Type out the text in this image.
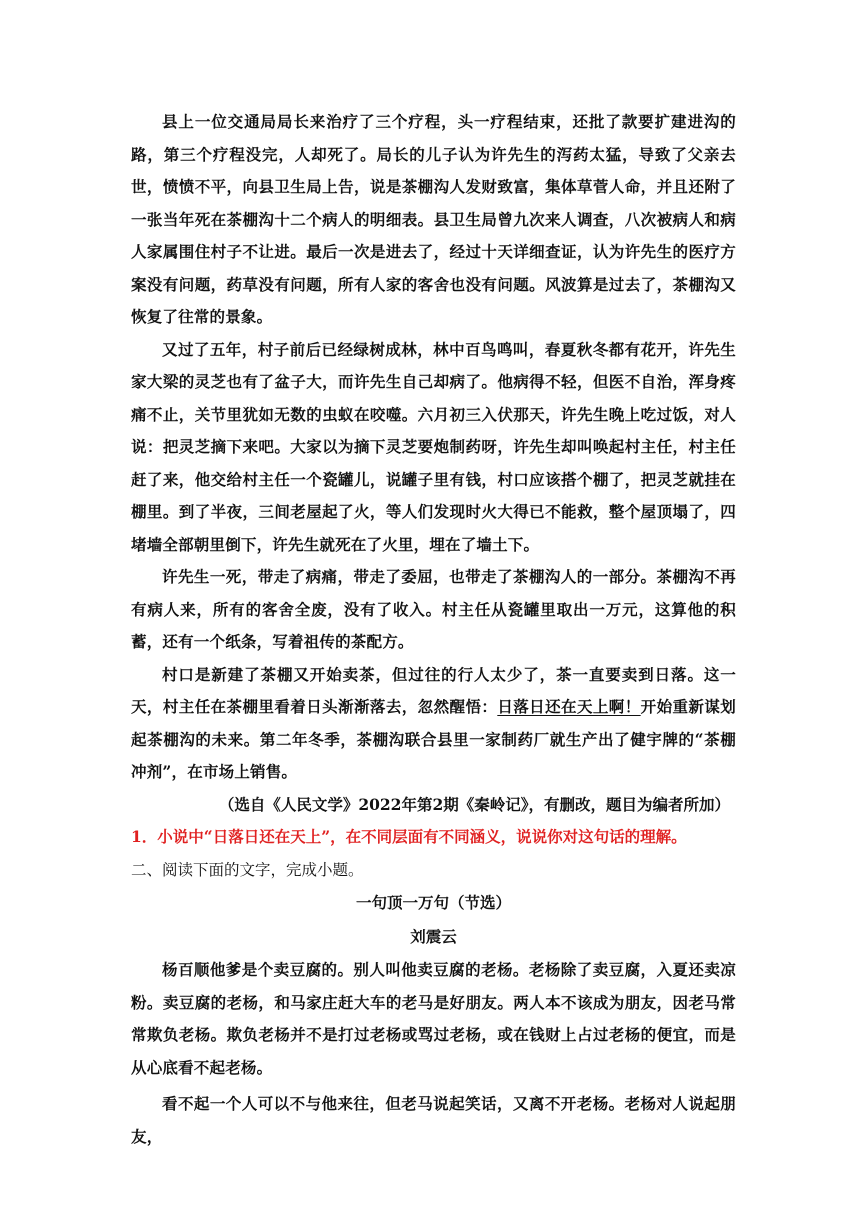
县上一位交通局局长来治疗了三个疗程，头一疗程结束，还批了款要扩建进沟的路，第三个疗程没完，人却死了。局长的儿子认为许先生的泻药太猛，导致了父亲去世，愤愤不平，向县卫生局上告，说是茶棚沟人发财致富，集体草菅人命，并且还附了一张当年死在茶棚沟十二个病人的明细表。县卫生局曾九次来人调查，八次被病人和病人家属围住村子不让进。最后一次是进去了，经过十天详细查证，认为许先生的医疗方案没有问题，药草没有问题，所有人家的客舍也没有问题。风波算是过去了，茶棚沟又恢复了往常的景象。

又过了五年，村子前后已经绿树成林，林中百鸟鸣叫，春夏秋冬都有花开，许先生家大梁的灵芝也有了盆子大，而许先生自己却病了。他病得不轻，但医不自治，浑身疼痛不止，关节里犹如无数的虫蚁在咬噬。六月初三入伏那天，许先生晚上吃过饭，对人说：把灵芝摘下来吧。大家以为摘下灵芝要炮制药呀，许先生却叫唤起村主任，村主任赶了来，他交给村主任一个瓷罐儿，说罐子里有钱，村口应该搭个棚了，把灵芝就挂在棚里。到了半夜，三间老屋起了火，等人们发现时火大得已不能救，整个屋顶塌了，四堵墙全部朝里倒下，许先生就死在了火里，埋在了墙土下。

许先生一死，带走了病痛，带走了委屈，也带走了茶棚沟人的一部分。茶棚沟不再有病人来，所有的客舍全废，没有了收入。村主任从瓷罐里取出一万元，这算他的积蓄，还有一个纸条，写着祖传的茶配方。

村口是新建了茶棚又开始卖茶，但过往的行人太少了，茶一直要卖到日落。这一天，村主任在茶棚里看着日头渐渐落去，忽然醒悟：日落日还在天上啊！开始重新谋划起茶棚沟的未来。第二年冬季，茶棚沟联合县里一家制药厂就生产出了健宇牌的“茶棚冲剂”，在市场上销售。

（选自《人民文学》2022年第2期《秦岭记》，有删改，题目为编者所加）

1．小说中“日落日还在天上”，在不同层面有不同涵义，说说你对这句话的理解。

二、阅读下面的文字，完成小题。

一句顶一万句（节选）

刘震云

杨百顺他爹是个卖豆腐的。别人叫他卖豆腐的老杨。老杨除了卖豆腐，入夏还卖凉粉。卖豆腐的老杨，和马家庄赶大车的老马是好朋友。两人本不该成为朋友，因老马常常欺负老杨。欺负老杨并不是打过老杨或骂过老杨，或在钱财上占过老杨的便宜，而是从心底看不起老杨。

看不起一个人可以不与他来往，但老马说起笑话，又离不开老杨。老杨对人说起朋友，
